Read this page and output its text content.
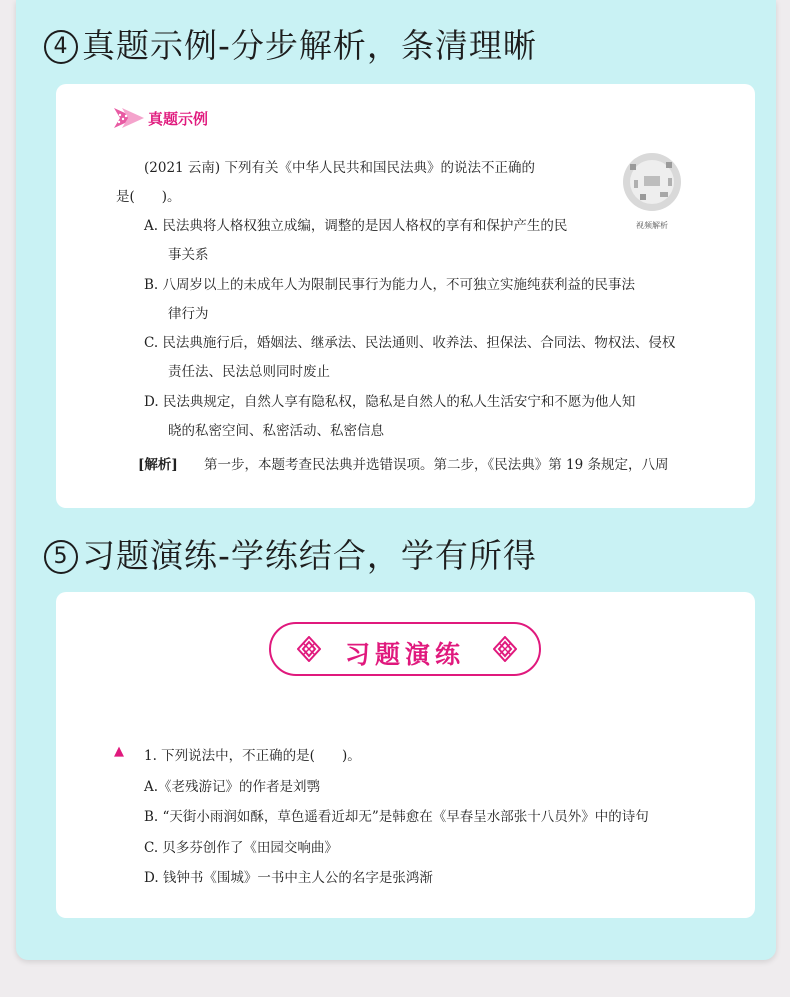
4 真题示例-分步解析，条清理晰
真题示例
视频解析
(2021 云南) 下列有关《中华人民共和国民法典》的说法不正确的
是(　　)。
A. 民法典将人格权独立成编，调整的是因人格权的享有和保护产生的民
事关系
B. 八周岁以上的未成年人为限制民事行为能力人，不可独立实施纯获利益的民事法
律行为
C. 民法典施行后，婚姻法、继承法、民法通则、收养法、担保法、合同法、物权法、侵权
责任法、民法总则同时废止
D. 民法典规定，自然人享有隐私权，隐私是自然人的私人生活安宁和不愿为他人知
晓的私密空间、私密活动、私密信息
[解析] 第一步，本题考查民法典并选错误项。第二步，《民法典》第 19 条规定，八周
5 习题演练-学练结合，学有所得
习题演练
▲ 1. 下列说法中，不正确的是(　　)。
A.《老残游记》的作者是刘鹗
B. “天街小雨润如酥，草色遥看近却无”是韩愈在《早春呈水部张十八员外》中的诗句
C. 贝多芬创作了《田园交响曲》
D. 钱钟书《围城》一书中主人公的名字是张鸿渐
